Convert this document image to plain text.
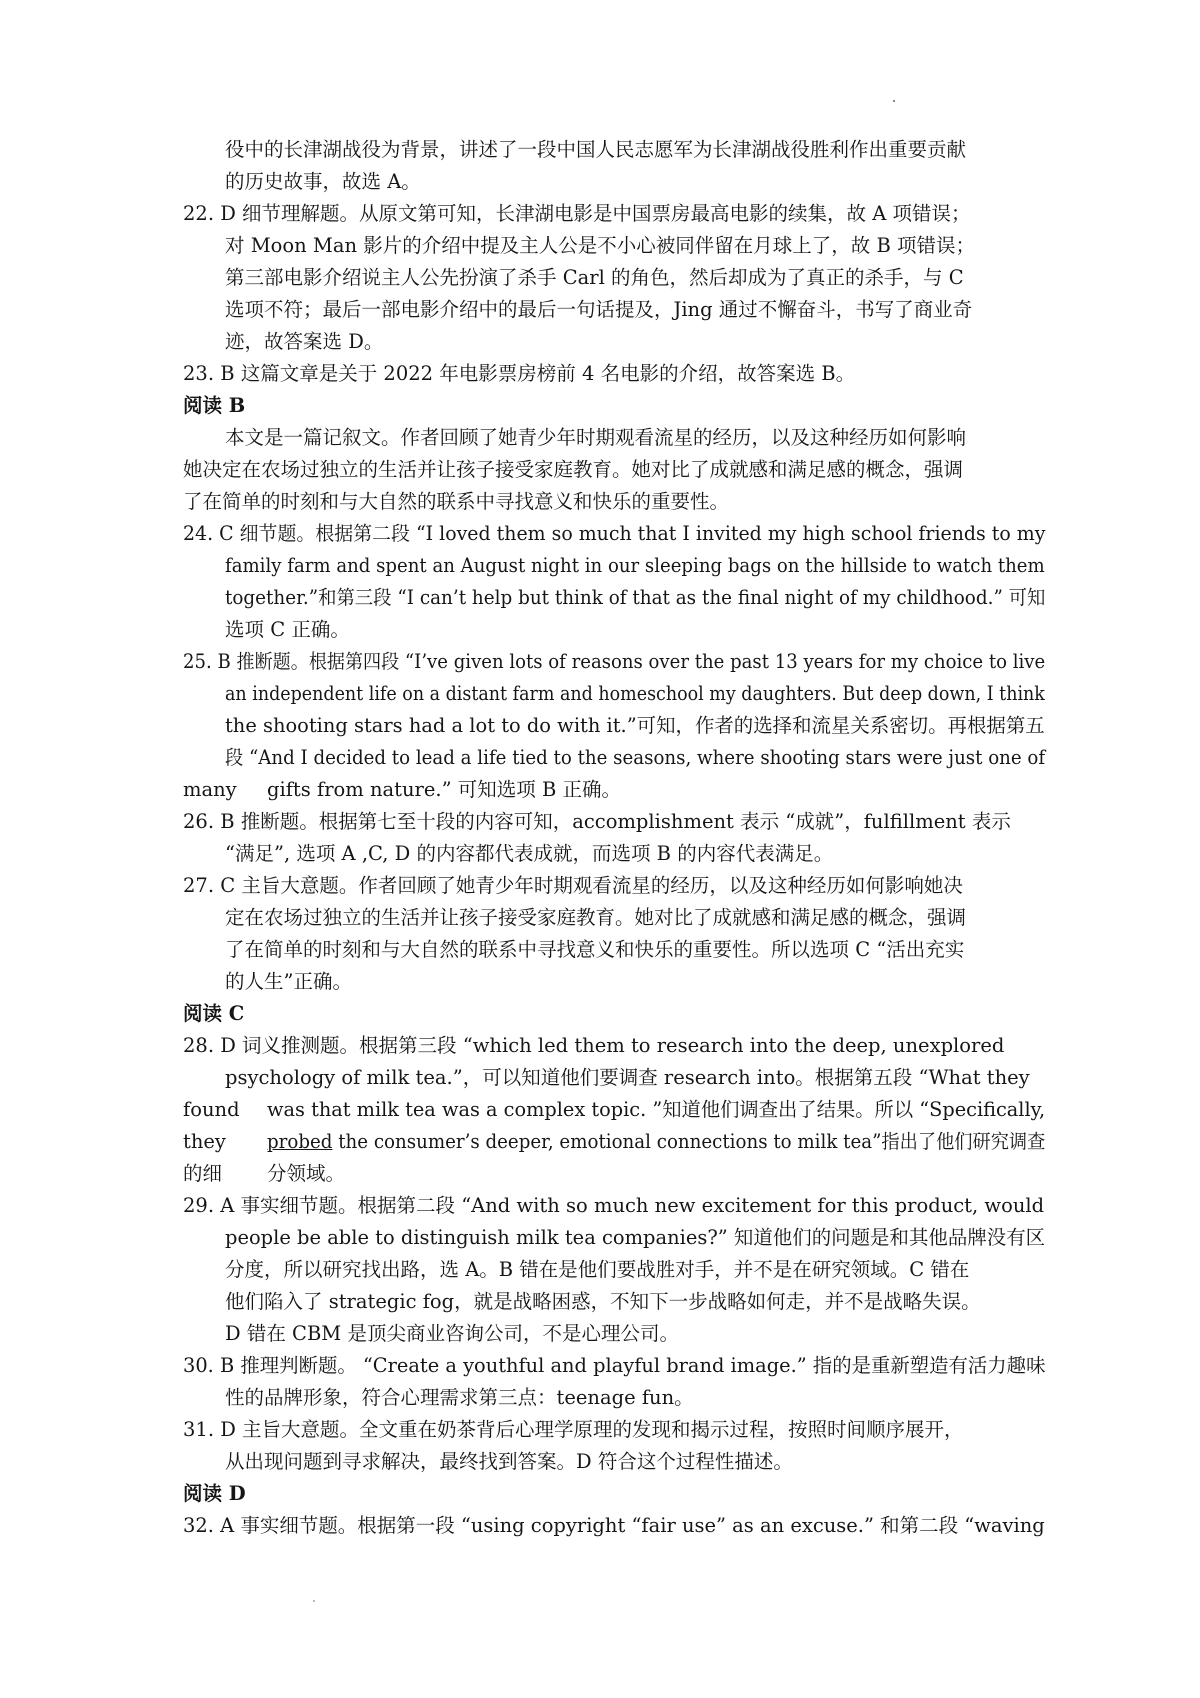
役中的长津湖战役为背景，讲述了一段中国人民志愿军为长津湖战役胜利作出重要贡献
的历史故事，故选 A。
22. D 细节理解题。从原文第可知，长津湖电影是中国票房最高电影的续集，故 A 项错误；
对 Moon Man 影片的介绍中提及主人公是不小心被同伴留在月球上了，故 B 项错误；
第三部电影介绍说主人公先扮演了杀手 Carl 的角色，然后却成为了真正的杀手，与 C
选项不符；最后一部电影介绍中的最后一句话提及，Jing 通过不懈奋斗，书写了商业奇
迹，故答案选 D。
23. B 这篇文章是关于 2022 年电影票房榜前 4 名电影的介绍，故答案选 B。
阅读 B
本文是一篇记叙文。作者回顾了她青少年时期观看流星的经历，以及这种经历如何影响
她决定在农场过独立的生活并让孩子接受家庭教育。她对比了成就感和满足感的概念，强调
了在简单的时刻和与大自然的联系中寻找意义和快乐的重要性。
24. C 细节题。根据第二段 “I loved them so much that I invited my high school friends to my
family farm and spent an August night in our sleeping bags on the hillside to watch them
together.”和第三段 “I can’t help but think of that as the final night of my childhood.” 可知
选项 C 正确。
25. B 推断题。根据第四段 “I’ve given lots of reasons over the past 13 years for my choice to live
an independent life on a distant farm and homeschool my daughters. But deep down, I think
the shooting stars had a lot to do with it.”可知，作者的选择和流星关系密切。再根据第五
段 “And I decided to lead a life tied to the seasons, where shooting stars were just one of
many gifts from nature.” 可知选项 B 正确。
26. B 推断题。根据第七至十段的内容可知，accomplishment 表示 “成就”，fulfillment 表示
“满足”, 选项 A ,C, D 的内容都代表成就，而选项 B 的内容代表满足。
27. C 主旨大意题。作者回顾了她青少年时期观看流星的经历，以及这种经历如何影响她决
定在农场过独立的生活并让孩子接受家庭教育。她对比了成就感和满足感的概念，强调
了在简单的时刻和与大自然的联系中寻找意义和快乐的重要性。所以选项 C “活出充实
的人生”正确。
阅读 C
28. D 词义推测题。根据第三段 “which led them to research into the deep, unexplored
psychology of milk tea.”，可以知道他们要调查 research into。根据第五段 “What they
found was that milk tea was a complex topic. ”知道他们调查出了结果。所以 “Specifically,
they probed the consumer’s deeper, emotional connections to milk tea”指出了他们研究调查
的细 分领域。
29. A 事实细节题。根据第二段 “And with so much new excitement for this product, would
people be able to distinguish milk tea companies?” 知道他们的问题是和其他品牌没有区
分度，所以研究找出路，选 A。B 错在是他们要战胜对手，并不是在研究领域。C 错在
他们陷入了 strategic fog，就是战略困惑，不知下一步战略如何走，并不是战略失误。
D 错在 CBM 是顶尖商业咨询公司，不是心理公司。
30. B 推理判断题。 “Create a youthful and playful brand image.” 指的是重新塑造有活力趣味
性的品牌形象，符合心理需求第三点：teenage fun。
31. D 主旨大意题。全文重在奶茶背后心理学原理的发现和揭示过程，按照时间顺序展开，
从出现问题到寻求解决，最终找到答案。D 符合这个过程性描述。
阅读 D
32. A 事实细节题。根据第一段 “using copyright “fair use” as an excuse.” 和第二段 “waving
